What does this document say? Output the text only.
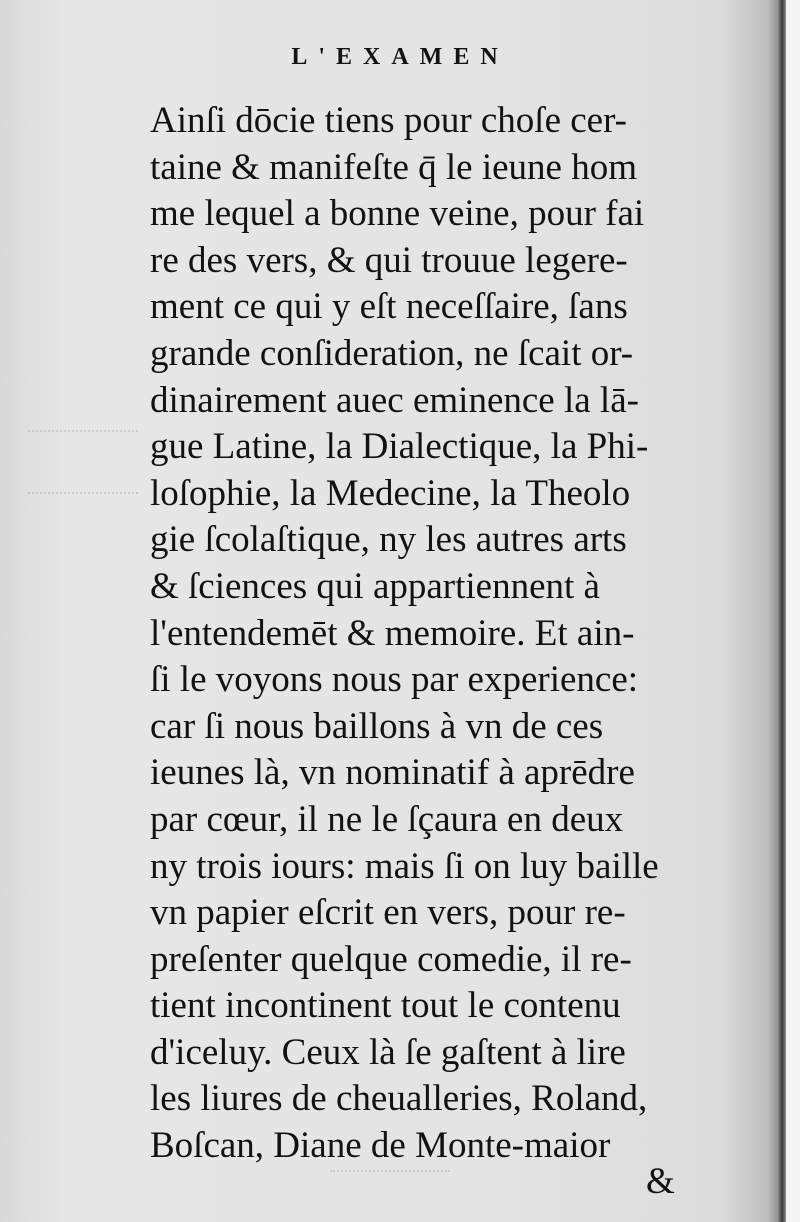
L'EXAMEN
Ainſi dōcie tiens pour choſe cer-
taine & manifeſte q̄ le ieune hom
me lequel a bonne veine, pour fai
re des vers, & qui trouue legere-
ment ce qui y eſt neceſſaire, ſans
grande conſideration, ne ſcait or-
dinairement auec eminence la lā-
gue Latine, la Dialectique, la Phi-
loſophie, la Medecine, la Theolo
gie ſcolaſtique, ny les autres arts
& ſciences qui appartiennent à
l'entendemēt & memoire. Et ain-
ſi le voyons nous par experience:
car ſi nous baillons à vn de ces
ieunes là, vn nominatif à aprēdre
par cœur, il ne le ſçaura en deux
ny trois iours: mais ſi on luy baille
vn papier eſcrit en vers, pour re-
preſenter quelque comedie, il re-
tient incontinent tout le contenu
d'iceluy. Ceux là ſe gaſtent à lire
les liures de cheualleries, Roland,
Boſcan, Diane de Monte-maior
&
